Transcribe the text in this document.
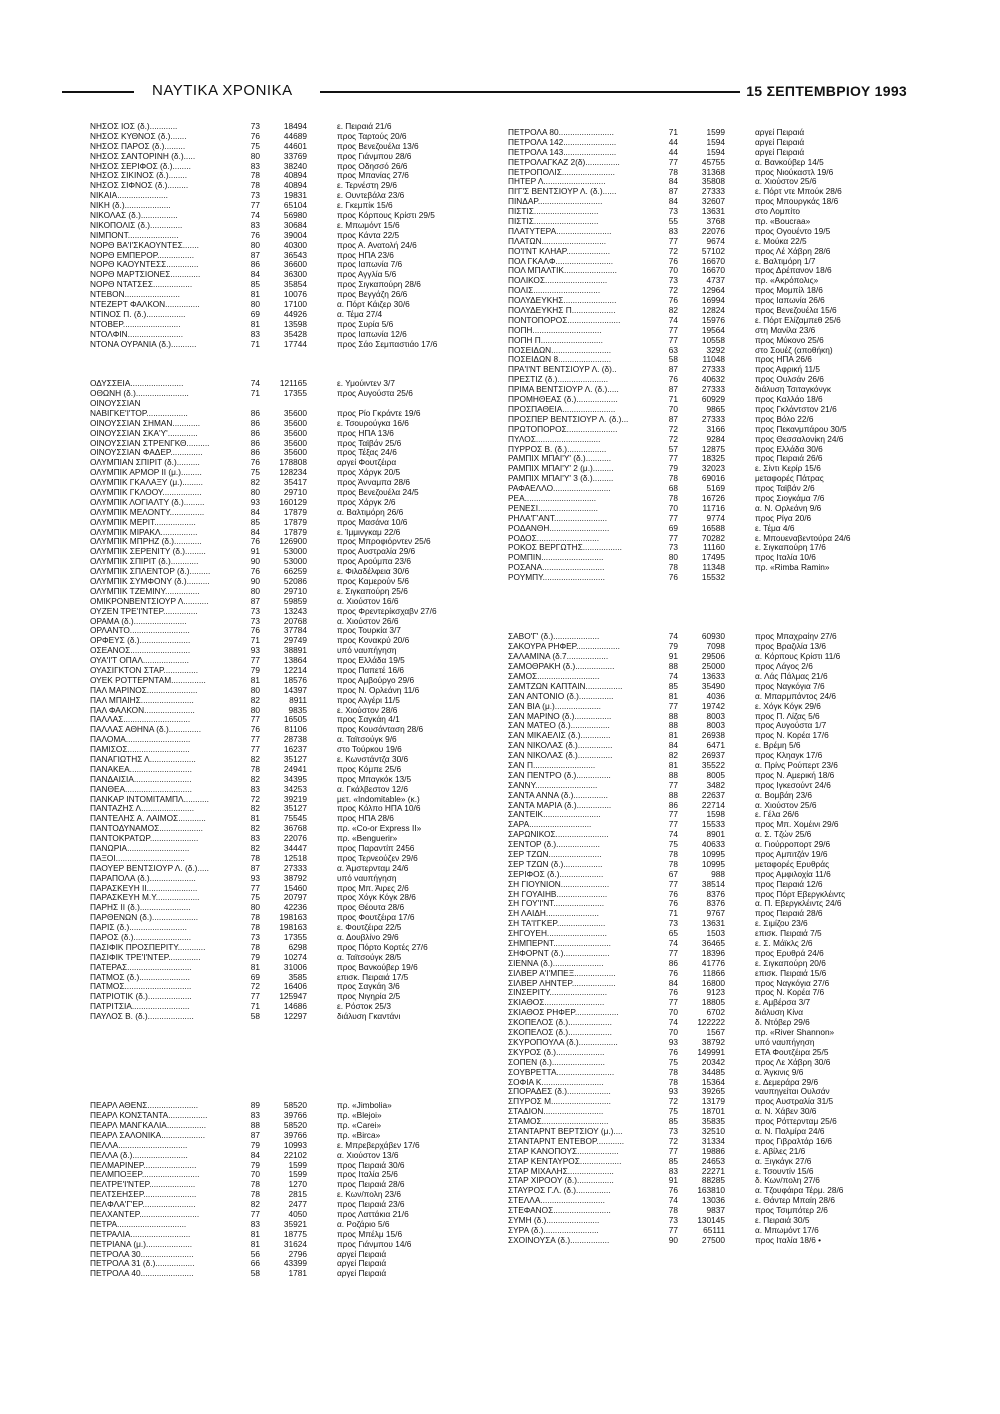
ΝΑΥΤΙΚΑ ΧΡΟΝΙΚΑ	15 ΣΕΠΤΕΜΒΡΙΟΥ 1993
ΝΗΣΟΣ ΙΟΣ (δ.)............	73	18494	ε. Πειραιά 21/6
ΝΗΣΟΣ ΚΥΘΝΟΣ (δ.).......	76	44689	προς Ταρτούς 20/6
ΝΗΣΟΣ ΠΑΡΟΣ (δ.).........	75	44601	προς Βενεζουέλα 13/6
ΝΗΣΟΣ ΣΑΝΤΟΡΙΝΗ (δ.).....	80	33769	προς Γιάνμπου 28/6
ΝΗΣΟΣ ΣΕΡΙΦΟΣ (δ.)........	83	38240	προς Οδησσό 26/6
ΝΗΣΟΣ ΣΙΚΙΝΟΣ (δ.)........	78	40894	προς Μπανίας 27/6
ΝΗΣΟΣ ΣΙΦΝΟΣ (δ.).........	78	40894	ε. Τερνέστη 29/6
ΝΙΚΑΙΑ......................	73	19831	ε. Ουντεβάλα 23/6
ΝΙΚΗ (δ.)....................	77	65104	ε. Γκεμπίκ 15/6
ΝΙΚΟΛΑΣ (δ.)................	74	56980	προς Κόρπους Κρίστι 29/5
ΝΙΚΟΠΟΛΙΣ (δ.)..............	83	30684	ε. Μπωμόντ 15/6
ΝΙΜΠΟΝΤ......................	76	39004	προς Κάντα 22/5
ΝΟΡΘ ΒΑ'Ι'ΣΚΑΟΥΝΤΕΣ.......	80	40300	προς Α. Ανατολή 24/6
ΝΟΡΘ ΕΜΠΕΡΟΡ................	87	36543	προς ΗΠΑ 23/6
ΝΟΡΘ ΚΑΟΥΝΤΕΣΣ..............	86	36600	προς Ιαπωνία 7/6
ΝΟΡΘ ΜΑΡΤΣΙΟΝΕΣ.............	84	36300	προς Αγγλία 5/6
ΝΟΡΘ ΝΤΑΤΣΕΣ.................	85	35854	προς Σιγκαπούρη 28/6
ΝΤΕΒΟΝ........................	81	10076	προς Βεγγάζη 26/6
ΝΤΕΖΕΡΤ ΦΑΛΚΟΝ...............	80	17100	α. Πόρτ Κάιζερ 30/6
ΝΤΙΝΟΣ Π. (δ.).................	69	44926	α. Τέμα 27/4
ΝΤΟΒΕΡ.........................	81	13598	προς Συρία 5/6
ΝΤΟΛΦΙΝ........................	83	35428	προς Ιαπωνία 12/6
ΝΤΟΝΑ ΟΥΡΑΝΙΑ (δ.)...........	71	17744	προς Σάο Σεμπαστιάο 17/6
ΟΔΥΣΣΕΙΑ.......................	74	121165	ε. Υμούιντεν 3/7
ΟΘΩΝΗ (δ.).......................	71	17355	προς Αυγούστα 25/6
ΟΙΝΟΥΣΣΙΑΝ
ΝΑΒΙΓΚΕ'Ι'ΤΟΡ..................	86	35600	προς Ρίο Γκράντε 19/6
ΟΙΝΟΥΣΣΙΑΝ ΣΗΜΑΝ............	86	35600	ε. Τσουρούγκα 16/6
ΟΙΝΟΥΣΣΙΑΝ ΣΚΑ'Υ'.............	86	35600	προς ΗΠΑ 13/6
ΟΙΝΟΥΣΣΙΑΝ ΣΤΡΕΝΓΚΘ..........	86	35600	προς Ταϊβάν 25/6
ΟΙΝΟΥΣΣΙΑΝ ΦΑΔΕΡ..............	86	35600	προς Τέξας 24/6
ΟΛΥΜΠΙΑΝ ΣΠΙΡΙΤ (δ.)..........	76	178808	αργεί Φουτζέιρα
ΟΛΥΜΠΙΚ ΑΡΜΟΡ ΙΙ (μ.).........	75	128234	προς Χάργκ 20/5
ΟΛΥΜΠΙΚ ΓΚΑΛΑΞΥ (μ.).........	82	35417	προς Άνναμπα 28/6
ΟΛΥΜΠΙΚ ΓΚΛΟΟΥ.................	80	29710	προς Βενεζουέλα 24/5
ΟΛΥΜΠΙΚ ΛΟΓΙΑΛΤΥ (δ.).........	93	160129	προς Χάργκ 2/6
ΟΛΥΜΠΙΚ ΜΕΛΟΝΤΥ...............	84	17879	α. Βαλτιμόρη 26/6
ΟΛΥΜΠΙΚ ΜΕΡΙΤ..................	85	17879	προς Μασάνα 10/6
ΟΛΥΜΠΙΚ ΜΙΡΑΚΛ................	84	17879	ε. Ίμμινγκαμ 22/6
ΟΛΥΜΠΙΚ ΜΠΡΗΖ (δ.)............	76	126900	προς Μπροφιόρντεν 25/6
ΟΛΥΜΠΙΚ ΣΕΡΕΝΙΤΥ (δ.).........	91	53000	προς Αυστραλία 29/6
ΟΛΥΜΠΙΚ ΣΠΙΡΙΤ (δ.)............	90	53000	προς Αρούμπα 23/6
ΟΛΥΜΠΙΚ ΣΠΛΕΝΤΟΡ (δ.).........	76	66259	ε. Φιλαδέλφεια 30/6
ΟΛΥΜΠΙΚ ΣΥΜΦΟΝΥ (δ.)..........	90	52086	προς Καμερούν 5/6
ΟΛΥΜΠΙΚ ΤΖΕΜΙΝΥ...............	80	29710	ε. Σιγκαπούρη 25/6
ΟΜΙΚΡΟΝΒΕΝΤΣΙΟΥΡ Λ...........	87	59859	α. Χιούστον 16/6
ΟΥΖΕΝ ΤΡΕ'Ι'ΝΤΕΡ...............	73	13243	προς Φρεντερίκσχαβν 27/6
ΟΡΑΜΑ (δ.).......................	73	20768	α. Χιούστον 26/6
ΟΡΛΑΝΤΟ..........................	76	37784	προς Τουρκία 3/7
ΟΡΦΕΥΣ (δ.)......................	71	29749	προς Κονακρύ 20/6
ΟΣΕΑΝΟΣ..........................	93	38891	υπό ναυπήγηση
ΟΥΑ'Ι'Τ ΟΠΑΛ....................	77	13864	προς Ελλάδα 19/5
ΟΥΑΣΙΓΚΤΟΝ ΣΤΑΡ...............	79	12214	προς Παπετέ 16/6
ΟΥΕΚ ΡΟΤΤΕΡΝΤΑΜ...............	81	18576	προς Αμβούργο 29/6
ΠΑΛ ΜΑΡΙΝΟΣ......................	80	14397	προς Ν. Ορλεάνη 11/6
ΠΑΛ ΜΠΑΙΗΣ.......................	82	8911	προς Αλγέρι 11/5
ΠΑΛ ΦΑΛΚΟΝ......................	80	9835	ε. Χιούστον 28/6
ΠΑΛΛΑΣ.............................	77	16505	προς Σαγκάη 4/1
ΠΑΛΛΑΣ ΑΘΗΝΑ (δ.)..............	76	81106	προς Κουσάνταση 28/6
ΠΑΛΟΜΑ............................	77	28738	α. Ταϊτσούγκ 9/6
ΠΑΜΙΣΟΣ...........................	77	16237	στο Τούρκου 19/6
ΠΑΝΑΓΙΩΤΗΣ Λ....................	82	35127	ε. Κωνστάντζα 30/6
ΠΑΝΑΚΕΑ...........................	78	24941	προς Κόμπε 25/6
ΠΑΝΔΑΙΣΙΑ.........................	82	34395	προς Μπαγκόκ 13/5
ΠΑΝΘΕΑ.............................	83	34253	α. Γκάλβεστον 12/6
ΠΑΝΚΑΡ ΙΝΤΟΜΙΤΑΜΠΛ...........	72	39219	μετ. «Indomitable» (κ.)
ΠΑΝΤΑΖΗΣ Λ.......................	82	35127	προς Κόλπο ΗΠΑ 10/6
ΠΑΝΤΕΛΗΣ Α. ΛΑΙΜΟΣ............	81	75545	προς ΗΠΑ 28/6
ΠΑΝΤΟΔΥΝΑΜΟΣ...................	82	36768	πρ. «Co-or Express II»
ΠΑΝΤΟΚΡΑΤΩΡ.....................	83	22076	πρ. «Benguerir»
ΠΑΝΩΡΙΑ...........................	82	34447	προς Παραντίπ 2456
ΠΑΞΟΙ..............................	78	12518	προς Τερνεούζεν 29/6
ΠΑΟΥΕΡ ΒΕΝΤΣΙΟΥΡ Λ. (δ.).....	87	27333	α. Άμστερνταμ 24/6
ΠΑΡΑΠΟΛΑ (δ.)....................	93	38792	υπό ναυπήγηση
ΠΑΡΑΣΚΕΥΗ ΙΙ......................	77	15460	προς Μπ. Άιρες 2/6
ΠΑΡΑΣΚΕΥΗ Μ.Υ...................	75	20797	προς Χόγκ Κόγκ 28/6
ΠΑΡΗΣ ΙΙ (δ.)......................	80	42236	προς Θέουτα 28/6
ΠΑΡΘΕΝΩΝ (δ.)....................	78	198163	προς Φουτζέιρα 17/6
ΠΑΡΙΣ (δ.).........................	78	198163	ε. Φουτζέιρα 22/5
ΠΑΡΟΣ (δ.).........................	73	17355	α. Δουβλίνο 29/6
ΠΑΣΙΦΙΚ ΠΡΟΣΠΕΡΙΤΥ............	78	6298	προς Πόρτο Κορτές 27/6
ΠΑΣΙΦΙΚ ΤΡΕ'Ι'ΝΤΕΡ..............	79	10274	α. Ταϊτσούγκ 28/5
ΠΑΤΕΡΑΣ............................	81	31006	προς Βανκούβερ 19/6
ΠΑΤΜΟΣ (δ.)......................	69	3585	επισκ. Πειραιά 17/5
ΠΑΤΜΟΣ.............................	72	16406	προς Σαγκάη 3/6
ΠΑΤΡΙΟΤΙΚ (δ.)...................	77	125947	προς Νιγηρία 2/5
ΠΑΤΡΙΤΣΙΑ.........................	71	14686	ε. Ρόστοκ 25/3
ΠΑΥΛΟΣ Β. (δ.)....................	58	12297	διάλυση Γκαντάνι
ΠΕΑΡΛ ΑΘΕΝΣ......................	89	58520	πρ. «Jimbolia»
ΠΕΑΡΛ ΚΟΝΣΤΑΝΤΑ.................	83	39766	πρ. «Blejoi»
ΠΕΑΡΛ ΜΑΝΓΚΑΛΙΑ.................	88	58520	πρ. «Carei»
ΠΕΑΡΛ ΣΑΛΟΝΙΚΑ...................	87	39766	πρ. «Birca»
ΠΕΛΛΑ..............................	79	10993	ε. Μπρεβερχάβεν 17/6
ΠΕΛΛΑ (δ.)........................	84	22102	α. Χιούστον 13/6
ΠΕΛΜΑΡΙΝΕΡ.......................	79	1599	προς Πειραιά 30/6
ΠΕΛΜΠΟΞΕΡ.........................	70	1599	προς Ιταλία 25/6
ΠΕΛΤΡΕ'Ι'ΝΤΕΡ....................	78	1270	προς Πειραιά 28/6
ΠΕΛΤΣΕΗΣΕΡ.......................	78	2815	ε. Κων/πολη 23/6
ΠΕΛΦΛΑ'Γ'ΕΡ.......................	82	2477	προς Πειραιά 23/6
ΠΕΛΧΑΝΤΕΡ..........................	77	4050	προς Λαττάκια 21/6
ΠΕΤΡΑ..............................	83	35921	α. Ροζάριο 5/6
ΠΕΤΡΑΛΙΑ..........................	81	18775	προς Μπέλμ 15/6
ΠΕΤΡΙΑΝΑ (μ.)....................	81	31624	προς Γιάνμπου 14/6
ΠΕΤΡΟΛΑ 30.......................	56	2796	αργεί Πειραιά
ΠΕΤΡΟΛΑ 31 (δ.).................	66	43399	αργεί Πειραιά
ΠΕΤΡΟΛΑ 40.......................	58	1781	αργεί Πειραιά
ΠΕΤΡΟΛΑ 80........................	71	1599	αργεί Πειραιά
ΠΕΤΡΟΛΑ 142.......................	44	1594	αργεί Πειραιά
ΠΕΤΡΟΛΑ 143.......................	44	1594	αργεί Πειραιά
ΠΕΤΡΟΛΑΓΚΑΖ 2(δ)...............	77	45755	α. Βανκούβερ 14/5
ΠΕΤΡΟΠΟΛΙΣ.......................	78	31368	προς Νιούκαστλ 19/6
ΠΗΤΕΡ Λ...........................	84	35808	α. Χιούστον 25/6
ΠΙ'Γ'Σ ΒΕΝΤΣΙΟΥΡ Λ. (δ.)......	87	27333	ε. Πόρτ ντε Μπούκ 28/6
ΠΙΝΔΑΡ............................	84	32607	προς Μπουργκάς 18/6
ΠΙΣΤΙΣ............................	73	13631	στο Λομπίτο
ΠΙΣΤΙΣ............................	55	3768	πρ. «Boucraa»
ΠΛΑΤΥΤΕΡΑ........................	83	22076	προς Ογουέντο 19/5
ΠΛΑΤΩΝ............................	77	9674	ε. Μούκα 22/5
ΠΟ'Ι'ΝΤ ΚΛΗΑΡ...................	72	57102	προς Λέ Χάβρη 28/6
ΠΟΛ ΓΚΑΛΦ.........................	76	16670	ε. Βαλτιμόρη 1/7
ΠΟΛ ΜΠΑΛΤΙΚ.......................	70	16670	προς Δρέπανον 18/6
ΠΟΛΙΚΟΣ...........................	73	4737	πρ. «Ακρόπολις»
ΠΟΛΙΣ.............................	72	12964	προς Μομπίλ 18/6
ΠΟΛΥΔΕΥΚΗΣ.......................	76	16994	προς Ιαπωνία 26/6
ΠΟΛΥΔΕΥΚΗΣ Π...................	82	12824	προς Βενεζουέλα 15/6
ΠΟΝΤΟΠΟΡΟΣ.......................	74	15976	ε. Πόρτ Ελίζαμπεθ 25/6
ΠΟΠΗ..............................	77	19564	στη Μανίλα 23/6
ΠΟΠΗ Π...........................	77	10558	προς Μύκονο 25/6
ΠΟΣΕΙΔΩΝ..........................	63	3292	στο Σουέζ (αποθήκη)
ΠΟΣΕΙΔΩΝ 8.......................	58	11048	προς ΗΠΑ 26/6
ΠΡΑ'Ι'ΝΤ ΒΕΝΤΣΙΟΥΡ Λ. (δ)..	87	27333	προς Αφρική 11/5
ΠΡΕΣΤΙΖ (δ.)......................	76	40632	προς Ουλσάν 26/6
ΠΡΙΜΑ ΒΕΝΤΣΙΟΥΡ Λ. (δ.).....	87	27333	διάλυση Τσιταγκόνγκ
ΠΡΟΜΗΘΕΑΣ (δ.)..................	71	60929	προς Καλλάο 18/6
ΠΡΟΣΠΑΘΕΙΑ.......................	70	9865	προς Γκλάντστον 21/6
ΠΡΟΣΠΕΡ ΒΕΝΤΣΙΟΥΡ Λ. (δ.)...	87	27333	προς Βόλο 22/6
ΠΡΩΤΟΠΟΡΟΣ......................	72	3166	προς Πεκανμπάρου 30/5
ΠΥΛΟΣ............................	72	9284	προς Θεσσαλονίκη 24/6
ΠΥΡΡΟΣ Β. (δ.).................	57	12875	προς Ελλάδα 30/6
ΡΑΜΠΙΧ ΜΠΑΙ'Υ' (δ.)...........	77	18325	προς Πειραιά 26/6
ΡΑΜΠΙΧ ΜΠΑΙ'Υ' 2 (μ.).........	79	32023	ε. Σίντι Κερίρ 15/6
ΡΑΜΠΙΧ ΜΠΑΙ'Υ' 3 (δ.).........	78	69016	μεταφορές Πάτρας
ΡΑΦΑΕΛΛΟ.........................	68	5169	προς Ταϊβάν 2/6
ΡΕΑ...............................	78	16726	προς Σιογκάμα 7/6
ΡΕΝΕΣΙ..........................	70	11716	α. Ν. Ορλεάνη 9/6
ΡΗΛΑ'Γ'ΑΝΤ.......................	77	9774	προς Ρίγα 20/6
ΡΟΔΑΝΘΗ..........................	69	16588	ε. Τέμα 4/6
ΡΟΔΟΣ...........................	77	70282	ε. Μπουεναβεντούρα 24/6
ΡΟΚΟΣ ΒΕΡΓΩΤΗΣ.................	73	11160	ε. Σιγκαπούρη 17/6
ΡΟΜΠΙΝ...........................	80	17495	προς Ιταλία 10/6
ΡΟΣΑΝΑ...........................	78	11348	πρ. «Rimba Ramin»
ΡΟΥΜΠΥ...........................	76	15532
ΣΑΒΟ'Γ' (δ.)....................	74	60930	προς Μπαχραίην 27/6
ΣΑΚΟΥΡΑ ΡΗΦΕΡ...................	79	7098	προς Βραζιλία 13/6
ΣΑΛΑΜΙΝΑ (δ.7..................	91	29506	α. Κόρπους Κρίστι 11/6
ΣΑΜΟΘΡΑΚΗ (δ.).................	88	25000	προς Λάγος 2/6
ΣΑΜΟΣ...........................	74	13633	α. Λάς Πάλμας 21/6
ΣΑΜΤΖΩΝ ΚΑΠΤΑΙΝ................	85	35490	προς Ναγκόγια 7/6
ΣΑΝ ΑΝΤΟΝΙΟ (δ.)...............	81	4036	α. Μπαρμπάντος 24/6
ΣΑΝ ΒΙΑ (μ.)....................	77	19742	ε. Χόγκ Κόγκ 29/6
ΣΑΝ ΜΑΡΙΝΟ (δ.)................	88	8003	προς Π. Λίζας 5/6
ΣΑΝ ΜΑΤΕΟ (δ.).................	88	8003	προς Αυγούστα 1/7
ΣΑΝ ΜΙΚΑΕΛΙΣ (δ.).............	81	26938	προς Ν. Κορέα 17/6
ΣΑΝ ΝΙΚΟΛΑΣ (δ.)...............	84	6471	ε. Βρέμη 5/6
ΣΑΝ ΝΙΚΟΛΑΣ (δ.)...............	82	26937	προς Κληαyκ 17/6
ΣΑΝ Π...........................	81	35522	α. Πρίνς Ρούπερτ 23/6
ΣΑΝ ΠΕΝΤΡΟ (δ.)...............	88	8005	προς Ν. Αμερική 18/6
ΣΑΝΝΥ...........................	77	3482	προς Ιγκεσούντ 24/6
ΣΑΝΤΑ ΑΝΝΑ (δ.)...............	88	22637	α. Βομβάη 23/6
ΣΑΝΤΑ ΜΑΡΙΑ (δ.)...............	86	22714	α. Χιούστον 25/6
ΣΑΝΤΕΙΚ.........................	77	1598	ε. Γέλα 26/6
ΣΑΡΑ...........................	77	15533	προς Μπ. Χομέινι 29/6
ΣΑΡΩΝΙΚΟΣ.......................	74	8901	α. Σ. Τζών 25/6
ΣΕΝΤΟΡ (δ.)...................	75	40633	α. Γιούρροπορτ 29/6
ΣΕΡ ΤΖΩΝ.......................	78	10995	προς Αμπιτζάν 19/6
ΣΕΡ ΤΖΩΝ (δ.).................	78	10995	μεταφορές Ερυθράς
ΣΕΡΙΦΟΣ (δ.)...................	67	988	προς Αμφιλοχία 11/6
ΣΗ ΓΙΟΥΝΙΟΝ.....................	77	38514	προς Πειραιά 12/6
ΣΗ ΓΟΥΑΙΗΒ......................	76	8376	προς Πόρτ Εβεργκλέιντς
ΣΗ ΓΟΥ'Ι'ΝΤ......................	76	8376	α. Π. Εβεργκλέιντς 24/6
ΣΗ ΛΑΙΔΗ.......................	71	9767	προς Πειραιά 28/6
ΣΗ ΤΑ'Ι'ΓΚΕΡ.....................	73	13631	ε. Σιμίζου 23/6
ΣΗΓΟΥΕΗ..........................	65	1503	επισκ. Πειραιά 7/5
ΣΗΜΠΕΡΝΤ.........................	74	36465	ε. Σ. Μάϊκλς 2/6
ΣΗΦΟΡΝΤ (δ.)....................	77	18396	προς Ερυθρά 24/6
ΣΙΕΝΝΑ (δ.)......................	86	41776	ε. Σιγκαπούρη 20/6
ΣΙΛΒΕΡ Α'Ι'ΜΠΕΞ..................	76	11866	επισκ. Πειραιά 15/6
ΣΙΛΒΕΡ ΛΗΝΤΕΡ...................	84	16800	προς Ναγκόγια 27/6
ΣΙΝΣΕΡΙΤΥ.........................	76	9123	προς Ν. Κορέα 7/6
ΣΚΙΑΘΟΣ..........................	77	18805	ε. Αμβέρσα 3/7
ΣΚΙΑΘΟΣ ΡΗΦΕΡ...................	70	6702	διάλυση Κίνα
ΣΚΟΠΕΛΟΣ (δ.)...................	74	122222	δ. Ντόβερ 29/6
ΣΚΟΠΕΛΟΣ (δ.)...................	70	1567	πρ. «River Shannon»
ΣΚΥΡΟΠΟΥΛΑ (δ.).................	93	38792	υπό ναυπήγηση
ΣΚΥΡΟΣ (δ.).....................	76	149991	ΕΤΑ Φουτζέιρα 25/5
ΣΟΠΕΝ (δ.).......................	75	20342	προς Λε Χάβρη 30/6
ΣΟΥΒΡΕΤΤΑ.........................	78	34485	α. Άγκινις 9/6
ΣΟΦΙΑ Κ...........................	78	15364	ε. Δεμεράρα 29/6
ΣΠΟΡΑΔΕΣ (δ.)...................	93	39265	ναυπηγείται Ουλσάν
ΣΠΥΡΟΣ Μ..........................	72	13179	προς Αυστραλία 31/5
ΣΤΑΔΙΟΝ..........................	75	18701	α. Ν. Χάβεν 30/6
ΣΤΑΜΟΣ.............................	85	35835	προς Ρόττερνταμ 25/6
ΣΤΑΝΤΑΡΝΤ ΒΕΡΤΣΙΟΥ (μ.)....	73	32510	α. Ν. Παλμίρα 24/6
ΣΤΑΝΤΑΡΝΤ ΕΝΤΕΒΟΡ............	72	31334	προς Γιβραλτάρ 16/6
ΣΤΑΡ ΚΑΝΟΠΟΥΣ..................	77	19886	ε. Αβίλες 21/6
ΣΤΑΡ ΚΕΝΤΑΥΡΟΣ..................	85	24653	α. Ξιγκάγκ 27/6
ΣΤΑΡ ΜΙΧΑΛΗΣ....................	83	22271	ε. Τσουντίν 15/6
ΣΤΑΡ ΧΙΡΟΟΥ (δ.)................	91	88285	δ. Κων/πολη 27/6
ΣΤΑΥΡΟΣ Γ.Λ. (δ.)...............	76	163810	α. Τζουφάιρα Τέρμ. 28/6
ΣΤΕΛΛΑ............................	74	13036	ε. Θάντερ Μπαίη 28/6
ΣΤΕΦΑΝΟΣ.........................	78	9837	προς Τσιμπότερ 2/6
ΣΥΜΗ (δ.).......................	73	130145	ε. Πειραιά 30/5
ΣΥΡΑ (δ.)........................	77	65111	α. Μπωμόντ 17/6
ΣΧΟΙΝΟΥΣΑ (δ.).................	90	27500	προς Ιταλία 18/6 •
